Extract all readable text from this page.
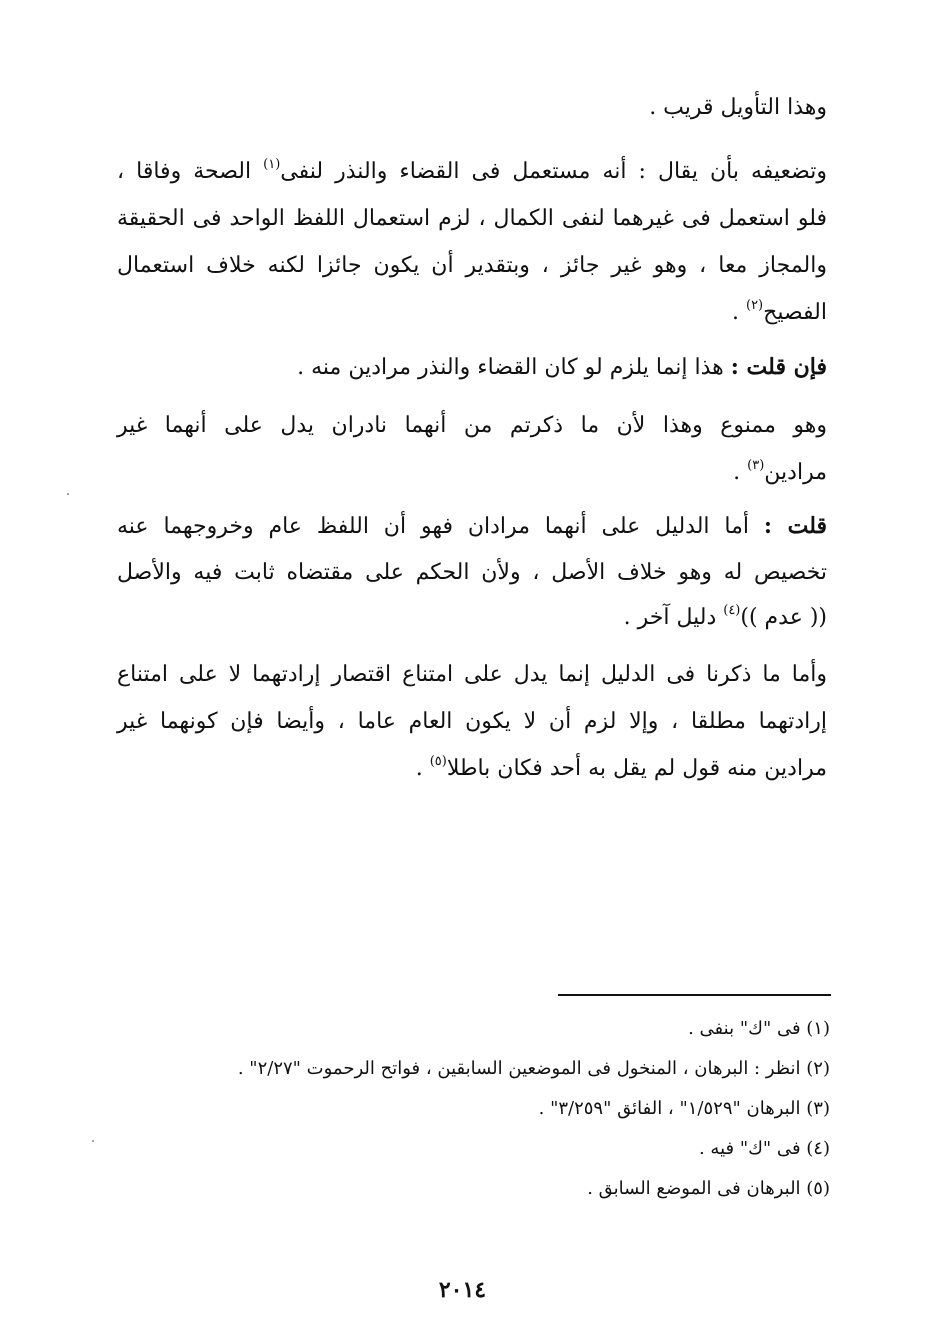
وهذا التأويل قريب .
وتضعيفه بأن يقال : أنه مستعمل فى القضاء والنذر لنفى$^{(١)}$ الصحة وفاقا ،
فلو استعمل فى غيرهما لنفى الكمال ، لزم استعمال اللفظ الواحد فى الحقيقة
والمجاز معا ، وهو غير جائز ، وبتقدير أن يكون جائزا لكنه خلاف استعمال
الفصيح$^{(٢)}$ .
فإن قلت : هذا إنما يلزم لو كان القضاء والنذر مرادين منه .
وهو ممنوع وهذا لأن ما ذكرتم من أنهما نادران يدل على أنهما غير
مرادين$^{(٣)}$ .
قلت : أما الدليل على أنهما مرادان فهو أن اللفظ عام وخروجهما عنه
تخصيص له وهو خلاف الأصل ، ولأن الحكم على مقتضاه ثابت فيه والأصل
(( عدم ))$^{(٤)}$ دليل آخر .
وأما ما ذكرنا فى الدليل إنما يدل على امتناع اقتصار إرادتهما لا على امتناع
إرادتهما مطلقا ، وإلا لزم أن لا يكون العام عاما ، وأيضا فإن كونهما غير
مرادين منه قول لم يقل به أحد فكان باطلا$^{(٥)}$ .
(١) فى "ك" بنفى .
(٢) انظر : البرهان ، المنخول فى الموضعين السابقين ، فواتح الرحموت "٢/٢٧" .
(٣) البرهان "١/٥٢٩" ، الفائق "٣/٢٥٩" .
(٤) فى "ك" فيه .
(٥) البرهان فى الموضع السابق .
٢٠١٤
